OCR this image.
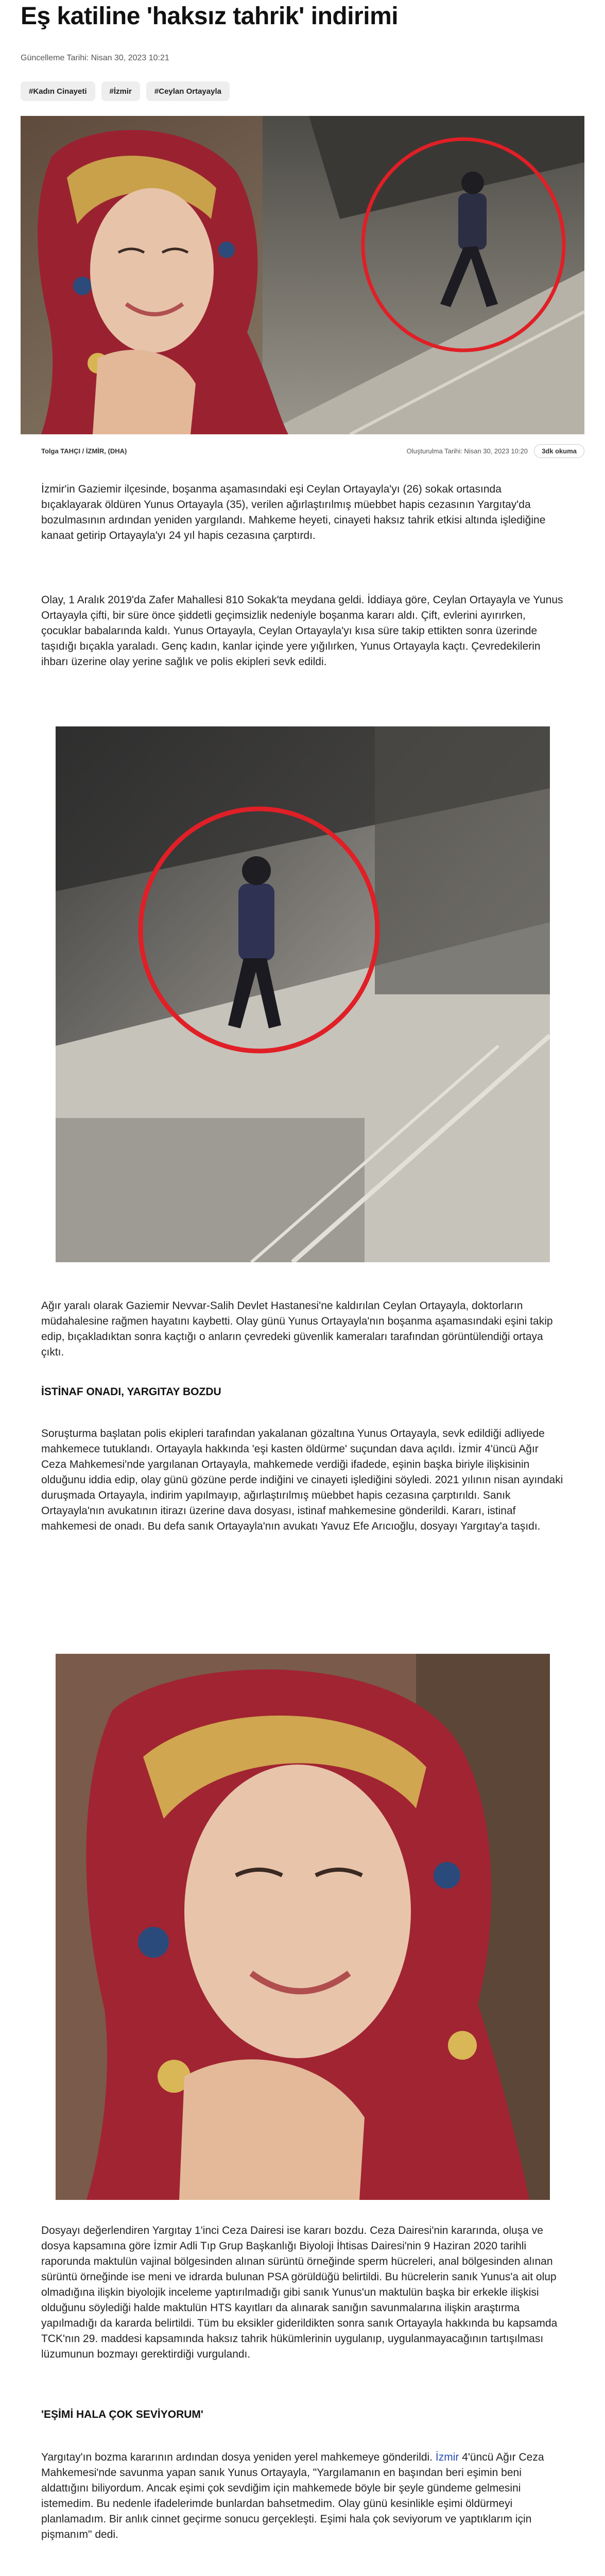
Eş katiline 'haksız tahrik' indirimi
Güncelleme Tarihi: Nisan 30, 2023 10:21
#Kadın Cinayeti	#İzmir	#Ceylan Ortayayla
Tolga TAHÇI / İZMİR, (DHA)	Oluşturulma Tarihi: Nisan 30, 2023 10:20	3dk okuma

İzmir'in Gaziemir ilçesinde, boşanma aşamasındaki eşi Ceylan Ortayayla'yı (26) sokak ortasında bıçaklayarak öldüren Yunus Ortayayla (35), verilen ağırlaştırılmış müebbet hapis cezasının Yargıtay'da bozulmasının ardından yeniden yargılandı. Mahkeme heyeti, cinayeti haksız tahrik etkisi altında işlediğine kanaat getirip Ortayayla'yı 24 yıl hapis cezasına çarptırdı.

Olay, 1 Aralık 2019'da Zafer Mahallesi 810 Sokak'ta meydana geldi. İddiaya göre, Ceylan Ortayayla ve Yunus Ortayayla çifti, bir süre önce şiddetli geçimsizlik nedeniyle boşanma kararı aldı. Çift, evlerini ayırırken, çocuklar babalarında kaldı. Yunus Ortayayla, Ceylan Ortayayla'yı kısa süre takip ettikten sonra üzerinde taşıdığı bıçakla yaraladı. Genç kadın, kanlar içinde yere yığılırken, Yunus Ortayayla kaçtı. Çevredekilerin ihbarı üzerine olay yerine sağlık ve polis ekipleri sevk edildi.

Ağır yaralı olarak Gaziemir Nevvar-Salih Devlet Hastanesi'ne kaldırılan Ceylan Ortayayla, doktorların müdahalesine rağmen hayatını kaybetti. Olay günü Yunus Ortayayla'nın boşanma aşamasındaki eşini takip edip, bıçakladıktan sonra kaçtığı o anların çevredeki güvenlik kameraları tarafından görüntülendiği ortaya çıktı.

İSTİNAF ONADI, YARGITAY BOZDU

Soruşturma başlatan polis ekipleri tarafından yakalanan gözaltına Yunus Ortayayla, sevk edildiği adliyede mahkemece tutuklandı. Ortayayla hakkında 'eşi kasten öldürme' suçundan dava açıldı. İzmir 4'üncü Ağır Ceza Mahkemesi'nde yargılanan Ortayayla, mahkemede verdiği ifadede, eşinin başka biriyle ilişkisinin olduğunu iddia edip, olay günü gözüne perde indiğini ve cinayeti işlediğini söyledi. 2021 yılının nisan ayındaki duruşmada Ortayayla, indirim yapılmayıp, ağırlaştırılmış müebbet hapis cezasına çarptırıldı. Sanık Ortayayla'nın avukatının itirazı üzerine dava dosyası, istinaf mahkemesine gönderildi. Kararı, istinaf mahkemesi de onadı. Bu defa sanık Ortayayla'nın avukatı Yavuz Efe Arıcıoğlu, dosyayı Yargıtay'a taşıdı.

Dosyayı değerlendiren Yargıtay 1'inci Ceza Dairesi ise kararı bozdu. Ceza Dairesi'nin kararında, oluşa ve dosya kapsamına göre İzmir Adli Tıp Grup Başkanlığı Biyoloji İhtisas Dairesi'nin 9 Haziran 2020 tarihli raporunda maktulün vajinal bölgesinden alınan sürüntü örneğinde sperm hücreleri, anal bölgesinden alınan sürüntü örneğinde ise meni ve idrarda bulunan PSA görüldüğü belirtildi. Bu hücrelerin sanık Yunus'a ait olup olmadığına ilişkin biyolojik inceleme yaptırılmadığı gibi sanık Yunus'un maktulün başka bir erkekle ilişkisi olduğunu söylediği halde maktulün HTS kayıtları da alınarak sanığın savunmalarına ilişkin araştırma yapılmadığı da kararda belirtildi. Tüm bu eksikler giderildikten sonra sanık Ortayayla hakkında bu kapsamda TCK'nın 29. maddesi kapsamında haksız tahrik hükümlerinin uygulanıp, uygulanmayacağının tartışılması lüzumunun bozmayı gerektirdiği vurgulandı.

'EŞİMİ HALA ÇOK SEVİYORUM'

Yargıtay'ın bozma kararının ardından dosya yeniden yerel mahkemeye gönderildi. İzmir 4'üncü Ağır Ceza Mahkemesi'nde savunma yapan sanık Yunus Ortayayla, "Yargılamanın en başından beri eşimin beni aldattığını biliyordum. Ancak eşimi çok sevdiğim için mahkemede böyle bir şeyle gündeme gelmesini istemedim. Bu nedenle ifadelerimde bunlardan bahsetmedim. Olay günü kesinlikle eşimi öldürmeyi planlamadım. Bir anlık cinnet geçirme sonucu gerçekleşti. Eşimi hala çok seviyorum ve yaptıklarım için pişmanım" dedi.
